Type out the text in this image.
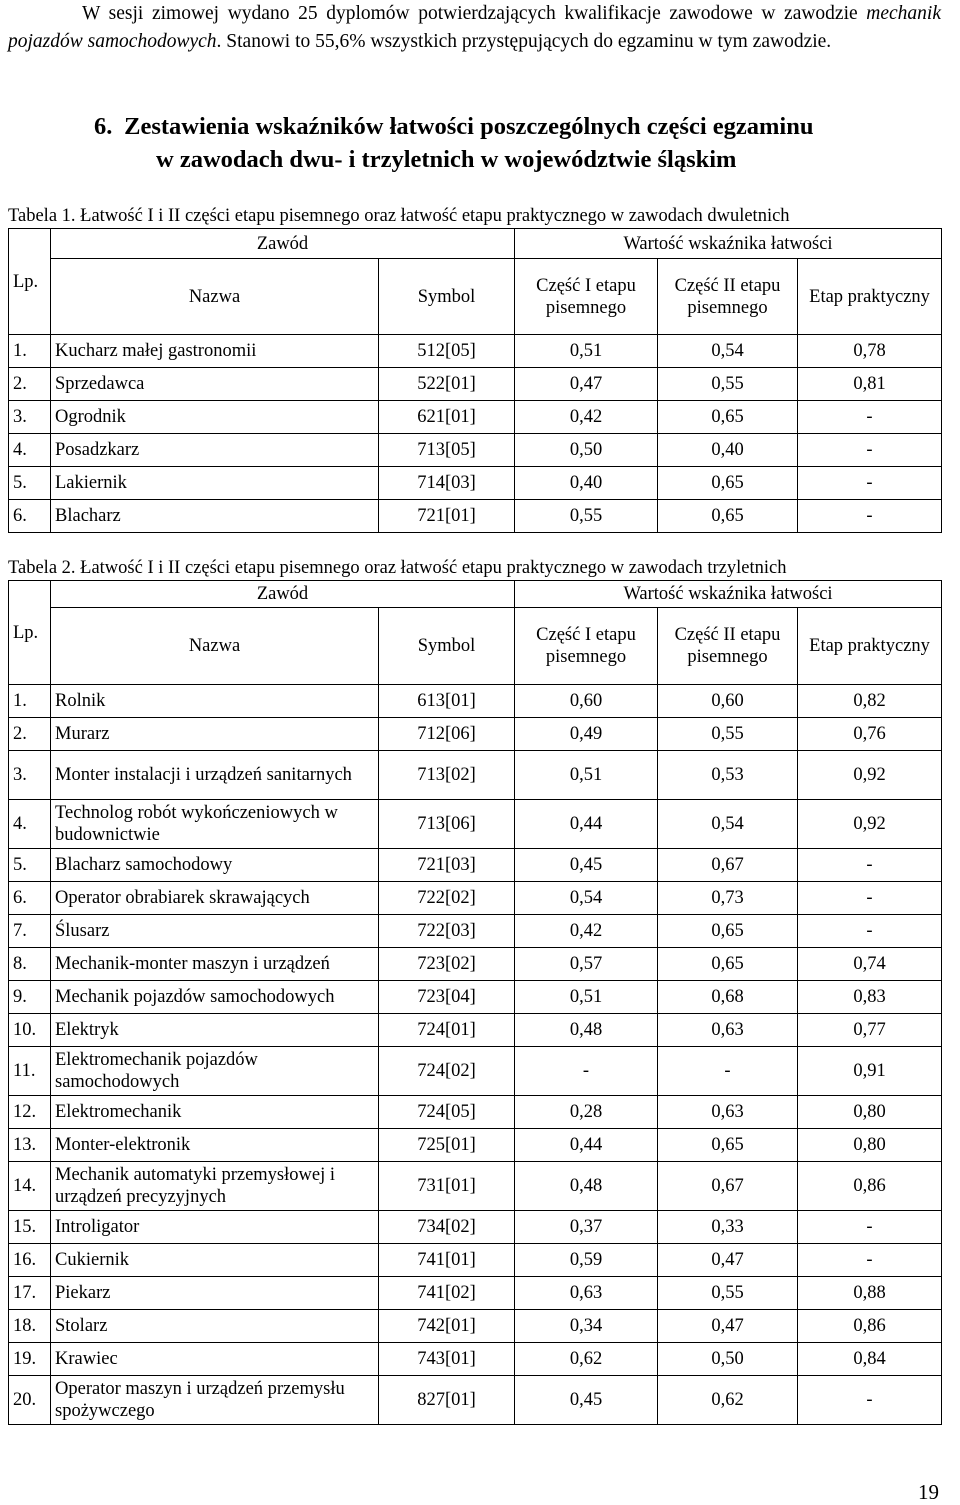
W sesji zimowej wydano 25 dyplomów potwierdzających kwalifikacje zawodowe w zawodzie mechanik pojazdów samochodowych. Stanowi to 55,6% wszystkich przystępujących do egzaminu w tym zawodzie.

6. Zestawienia wskaźników łatwości poszczególnych części egzaminu
w zawodach dwu- i trzyletnich w województwie śląskim

Tabela 1. Łatwość I i II części etapu pisemnego oraz łatwość etapu praktycznego w zawodach dwuletnich

Lp.	Zawód		Wartość wskaźnika łatwości		
	Nazwa	Symbol	Część I etapu pisemnego	Część II etapu pisemnego	Etap praktyczny
1.	Kucharz małej gastronomii	512[05]	0,51	0,54	0,78
2.	Sprzedawca	522[01]	0,47	0,55	0,81
3.	Ogrodnik	621[01]	0,42	0,65	-
4.	Posadzkarz	713[05]	0,50	0,40	-
5.	Lakiernik	714[03]	0,40	0,65	-
6.	Blacharz	721[01]	0,55	0,65	-

Tabela 2. Łatwość I i II części etapu pisemnego oraz łatwość etapu praktycznego w zawodach trzyletnich

Lp.	Zawód		Wartość wskaźnika łatwości		
	Nazwa	Symbol	Część I etapu pisemnego	Część II etapu pisemnego	Etap praktyczny
1.	Rolnik	613[01]	0,60	0,60	0,82
2.	Murarz	712[06]	0,49	0,55	0,76
3.	Monter instalacji i urządzeń sanitarnych	713[02]	0,51	0,53	0,92
4.	Technolog robót wykończeniowych w budownictwie	713[06]	0,44	0,54	0,92
5.	Blacharz samochodowy	721[03]	0,45	0,67	-
6.	Operator obrabiarek skrawających	722[02]	0,54	0,73	-
7.	Ślusarz	722[03]	0,42	0,65	-
8.	Mechanik-monter maszyn i urządzeń	723[02]	0,57	0,65	0,74
9.	Mechanik pojazdów samochodowych	723[04]	0,51	0,68	0,83
10.	Elektryk	724[01]	0,48	0,63	0,77
11.	Elektromechanik pojazdów samochodowych	724[02]	-	-	0,91
12.	Elektromechanik	724[05]	0,28	0,63	0,80
13.	Monter-elektronik	725[01]	0,44	0,65	0,80
14.	Mechanik automatyki przemysłowej i urządzeń precyzyjnych	731[01]	0,48	0,67	0,86
15.	Introligator	734[02]	0,37	0,33	-
16.	Cukiernik	741[01]	0,59	0,47	-
17.	Piekarz	741[02]	0,63	0,55	0,88
18.	Stolarz	742[01]	0,34	0,47	0,86
19.	Krawiec	743[01]	0,62	0,50	0,84
20.	Operator maszyn i urządzeń przemysłu spożywczego	827[01]	0,45	0,62	-
19
